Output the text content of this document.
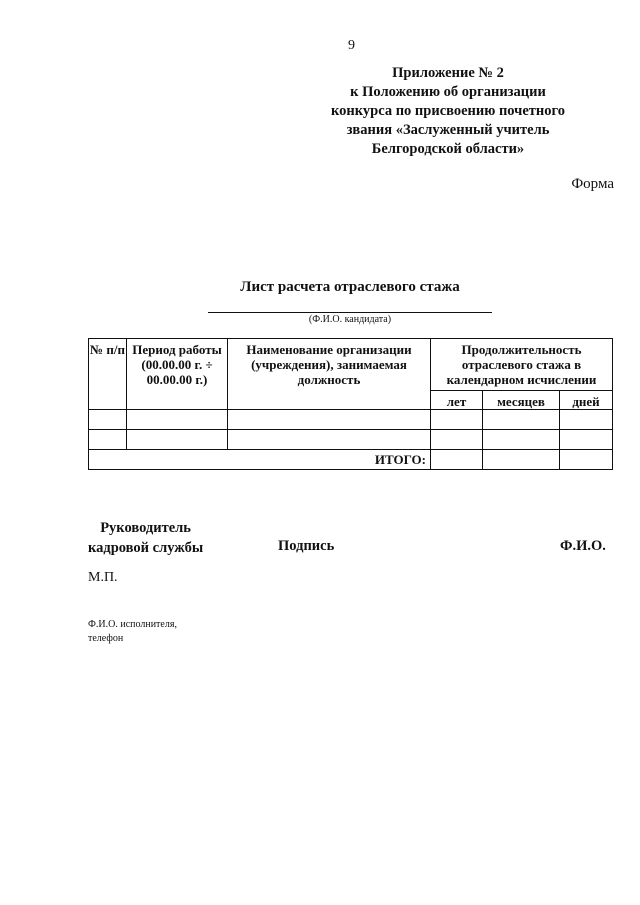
9
Приложение № 2
к Положению об организации
конкурса по присвоению почетного
звания «Заслуженный учитель
Белгородской области»
Форма
Лист расчета отраслевого стажа
(Ф.И.О. кандидата)
№ п/п	Период работы (00.00.00 г. ÷ 00.00.00 г.)	Наименование организации (учреждения), занимаемая должность	Продолжительность отраслевого стажа в календарном исчислении		
			лет	месяцев	дней

ИТОГО:					
Руководитель
кадровой службы	Подпись	Ф.И.О.
М.П.
Ф.И.О. исполнителя,
телефон
